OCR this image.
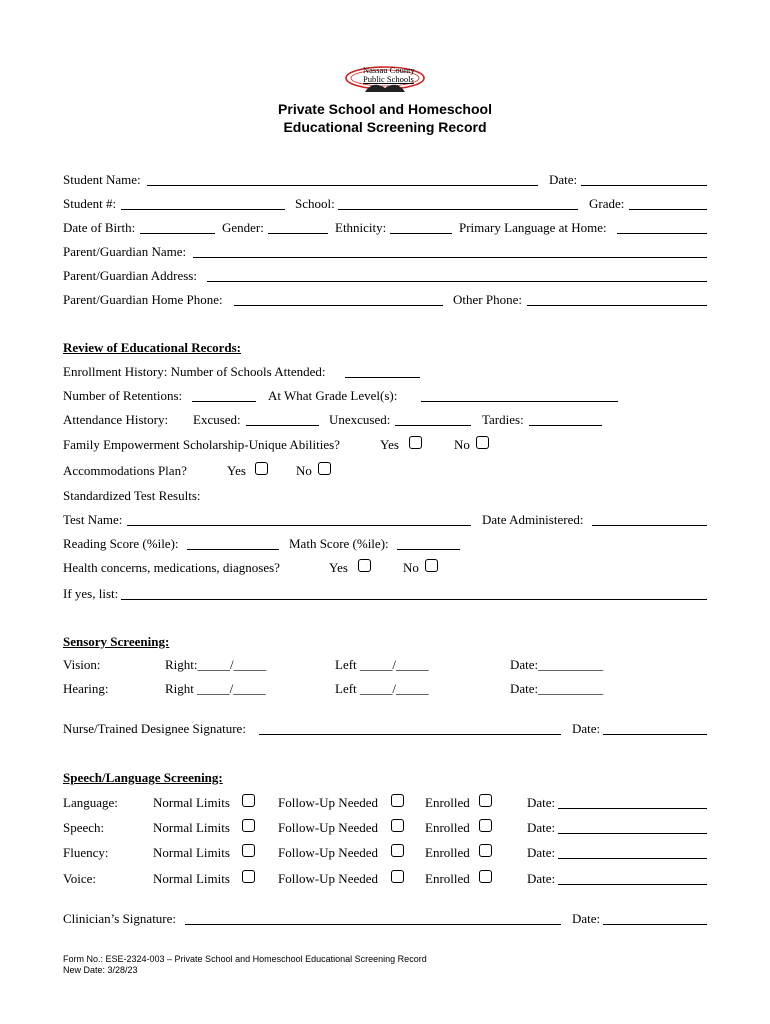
Nassau County
Public Schools
Private School and Homeschool
Educational Screening Record
Student Name:	Date:
Student #:	School:	Grade:
Date of Birth:	Gender:	Ethnicity:	Primary Language at Home:
Parent/Guardian Name:
Parent/Guardian Address:
Parent/Guardian Home Phone:	Other Phone:
Review of Educational Records:
Enrollment History: Number of Schools Attended:
Number of Retentions:	At What Grade Level(s):
Attendance History: Excused:	Unexcused:	Tardies:
Family Empowerment Scholarship-Unique Abilities?	Yes	No
Accommodations Plan?	Yes	No
Standardized Test Results:
Test Name:	Date Administered:
Reading Score (%ile):	Math Score (%ile):
Health concerns, medications, diagnoses?	Yes	No
If yes, list:
Sensory Screening:
Vision:	Right:_____/_____	Left _____/_____	Date:__________
Hearing:	Right _____/_____	Left _____/_____	Date:__________
Nurse/Trained Designee Signature:	Date:
Speech/Language Screening:
Language:	Normal Limits	Follow-Up Needed	Enrolled	Date:
Speech:	Normal Limits	Follow-Up Needed	Enrolled	Date:
Fluency:	Normal Limits	Follow-Up Needed	Enrolled	Date:
Voice:	Normal Limits	Follow-Up Needed	Enrolled	Date:
Clinician’s Signature:	Date:
Form No.: ESE-2324-003 – Private School and Homeschool Educational Screening Record
New Date: 3/28/23
